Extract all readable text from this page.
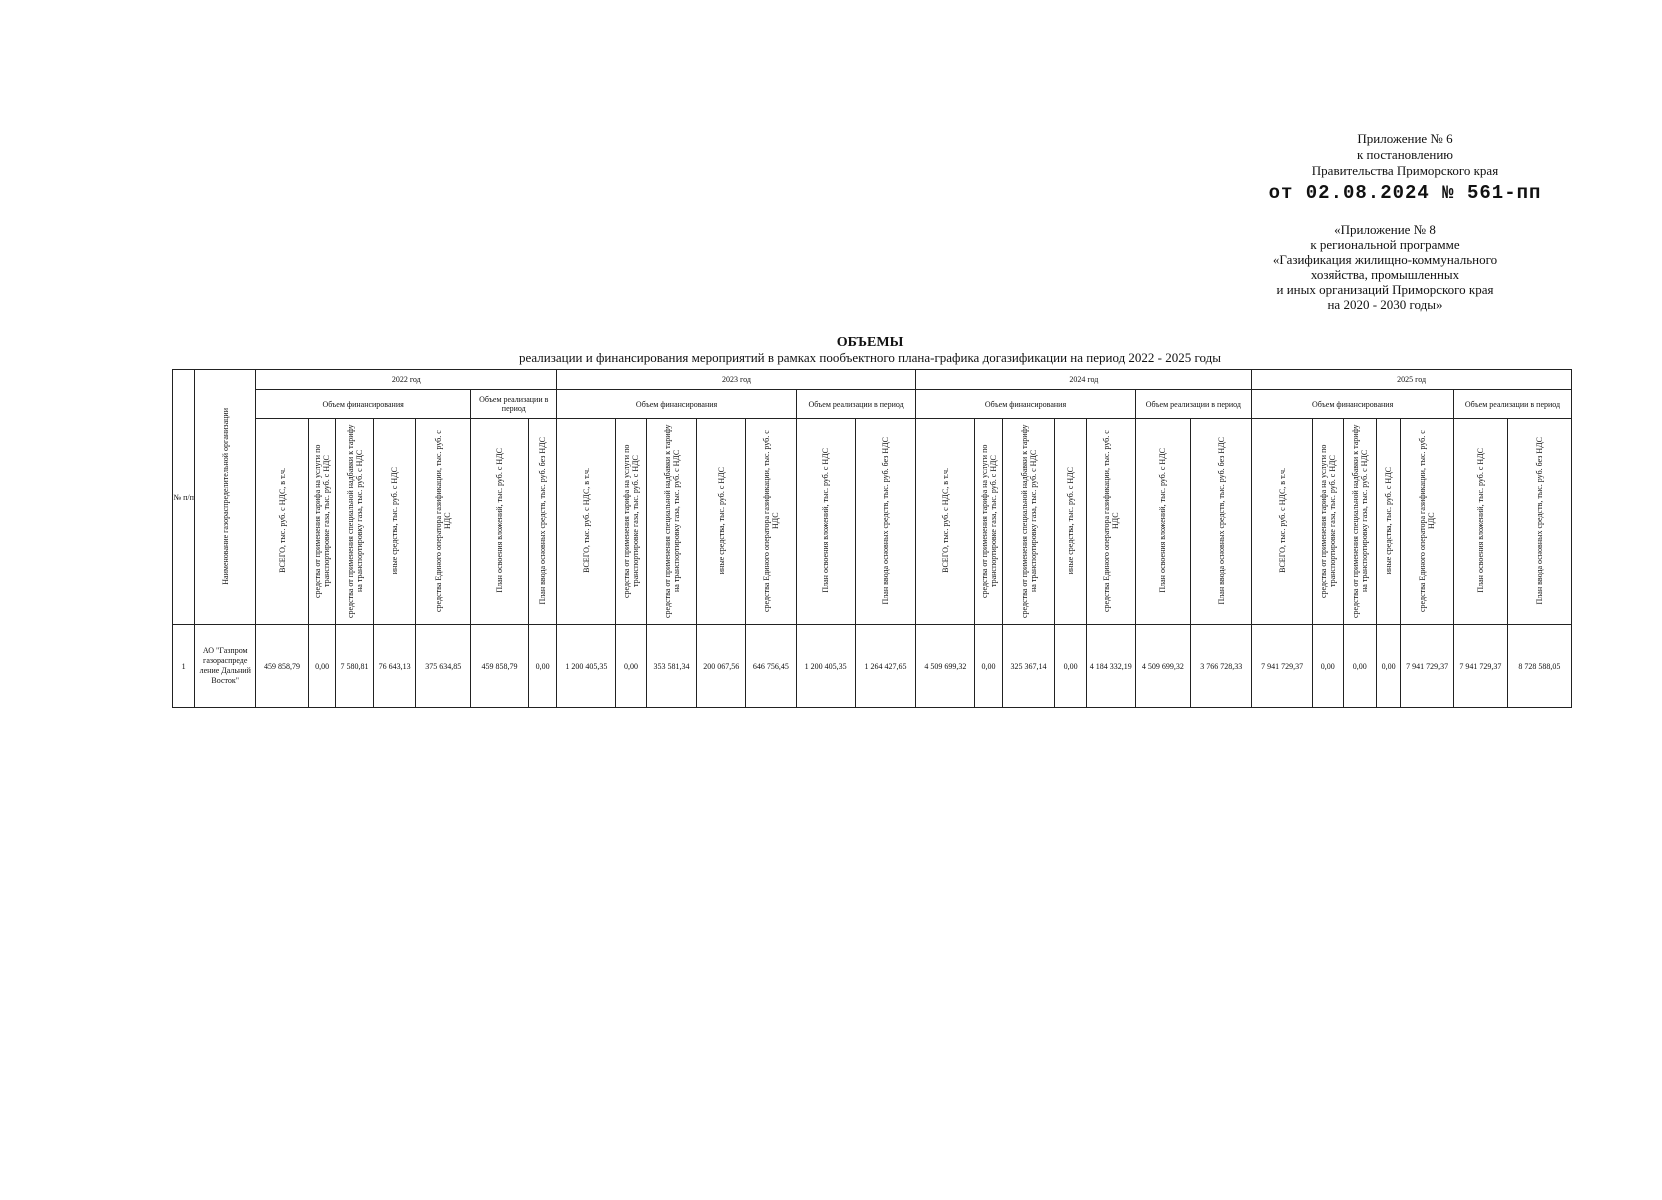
Приложение № 6
к постановлению
Правительства Приморского края
от 02.08.2024 № 561-пп
«Приложение № 8
к региональной программе
«Газификация жилищно-коммунального
хозяйства, промышленных
и иных организаций Приморского края
на 2020 - 2030 годы»
ОБЪЕМЫ
реализации и финансирования мероприятий в рамках пообъектного плана-графика догазификации на период 2022 - 2025 годы
№ п/п	Наименование газораспределительной организации	2022 год							2023 год							2024 год							2025 год						
		Объем финансирования					Объем реализации в период		Объем финансирования					Объем реализации в период		Объем финансирования					Объем реализации в период		Объем финансирования					Объем реализации в период	
		ВСЕГО, тыс. руб. с НДС, в т.ч.	средства от применения тарифа на услуги по транспортировке газа, тыс. руб. с НДС	средства от применения специальной надбавки к тарифу на транспортировку газа, тыс. руб. с НДС	иные средства, тыс. руб. с НДС	средства Единого оператора газификации, тыс. руб. с НДС	План освоения вложений, тыс. руб. с НДС	План ввода основных средств, тыс. руб. без НДС	ВСЕГО, тыс. руб. с НДС, в т.ч.	средства от применения тарифа на услуги по транспортировке газа, тыс. руб. с НДС	средства от применения специальной надбавки к тарифу на транспортировку газа, тыс. руб. с НДС	иные средства, тыс. руб. с НДС	средства Единого оператора газификации, тыс. руб. с НДС	План освоения вложений, тыс. руб. с НДС	План ввода основных средств, тыс. руб. без НДС	ВСЕГО, тыс. руб. с НДС, в т.ч.	средства от применения тарифа на услуги по транспортировке газа, тыс. руб. с НДС	средства от применения специальной надбавки к тарифу на транспортировку газа, тыс. руб. с НДС	иные средства, тыс. руб. с НДС	средства Единого оператора газификации, тыс. руб. с НДС	План освоения вложений, тыс. руб. с НДС	План ввода основных средств, тыс. руб. без НДС	ВСЕГО, тыс. руб. с НДС, в т.ч.	средства от применения тарифа на услуги по транспортировке газа, тыс. руб. с НДС	средства от применения специальной надбавки к тарифу на транспортировку газа, тыс. руб. с НДС	иные средства, тыс. руб. с НДС	средства Единого оператора газификации, тыс. руб. с НДС	План освоения вложений, тыс. руб. с НДС	План ввода основных средств, тыс. руб. без НДС
1	АО "Газпром газораспреде ление Дальний Восток"	459 858,79	0,00	7 580,81	76 643,13	375 634,85	459 858,79	0,00	1 200 405,35	0,00	353 581,34	200 067,56	646 756,45	1 200 405,35	1 264 427,65	4 509 699,32	0,00	325 367,14	0,00	4 184 332,19	4 509 699,32	3 766 728,33	7 941 729,37	0,00	0,00	0,00	7 941 729,37	7 941 729,37	8 728 588,05
